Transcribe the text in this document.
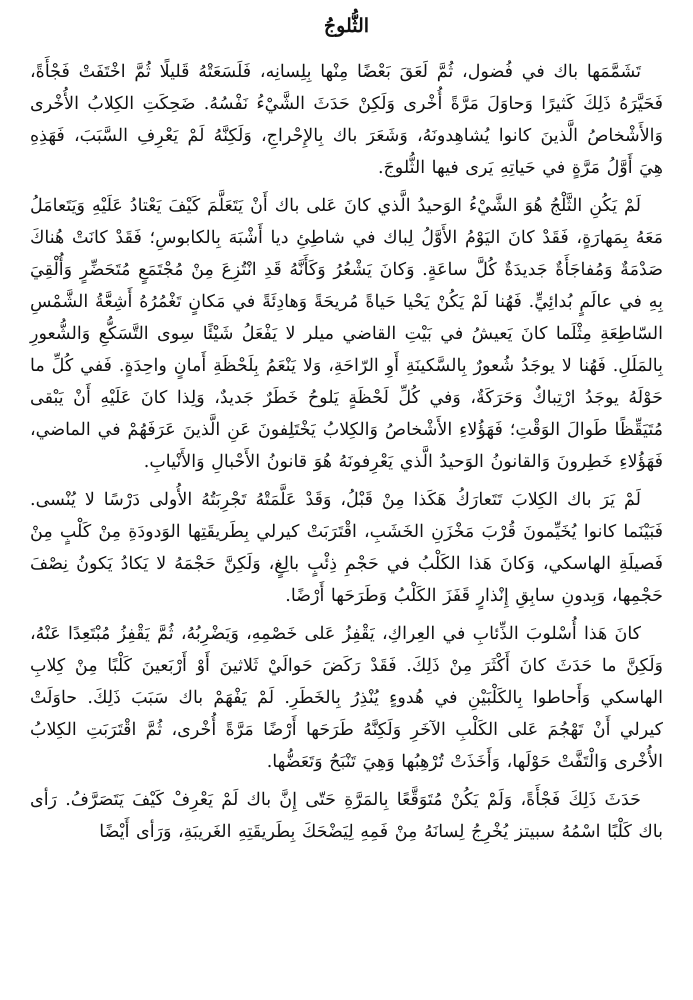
الثُّلوجُ

تَشَمَّمَها باك في فُضول، ثُمَّ لَعَقَ بَعْضًا مِنْها بِلِسانِه، فَلَسَعَتْهُ قَليلًا ثُمَّ اخْتَفَتْ فَجْأَةً، فَحَيَّرَهُ ذَلِكَ كَثيرًا وَحاوَلَ مَرَّةً أُخْرى وَلَكِنْ حَدَثَ الشَّيْءُ نَفْسُهُ. ضَحِكَتِ الكِلابُ الأُخْرى وَالأَشْخاصُ الَّذينَ كانوا يُشاهِدونَهُ، وَشَعَرَ باك بِالإِحْراجِ، وَلَكِنَّهُ لَمْ يَعْرِفِ السَّبَبَ، فَهَذِهِ هِيَ أَوَّلُ مَرَّةٍ في حَياتِهِ يَرى فيها الثُّلوجَ.

لَمْ يَكُنِ الثَّلْجُ هُوَ الشَّيْءُ الوَحيدُ الَّذي كانَ عَلى باك أَنْ يَتَعَلَّمَ كَيْفَ يَعْتادُ عَلَيْهِ وَيَتَعامَلُ مَعَهُ بِمَهارَةٍ، فَقَدْ كانَ اليَوْمُ الأَوَّلُ لِباك في شاطِئِ ديا أَشْبَهَ بِالكابوسِ؛ فَقَدْ كانَتْ هُناكَ صَدْمَةٌ وَمُفاجَأَةٌ جَديدَةٌ كُلَّ ساعَةٍ. وَكانَ يَشْعُرُ وَكَأَنَّهُ قَدِ انْتُزِعَ مِنْ مُجْتَمَعٍ مُتَحَضِّرٍ وَأُلْقِيَ بِهِ في عالَمٍ بُدائِيٍّ. فَهُنا لَمْ يَكُنْ يَحْيا حَياةً مُريحَةً وَهادِئَةً في مَكانٍ تَغْمُرُهُ أَشِعَّةُ الشَّمْسِ السّاطِعَةِ مِثْلَما كانَ يَعيشُ في بَيْتِ القاضي ميلر لا يَفْعَلُ شَيْئًا سِوى التَّسَكُّعِ وَالشُّعورِ بِالمَلَلِ. فَهُنا لا يوجَدُ شُعورٌ بِالسَّكينَةِ أَوِ الرّاحَةِ، وَلا يَنْعَمُ بِلَحْظَةِ أَمانٍ واحِدَةٍ. فَفي كُلِّ ما حَوْلَهُ يوجَدُ ارْتِباكٌ وَحَرَكَةٌ، وَفي كُلِّ لَحْظَةٍ يَلوحُ خَطَرٌ جَديدٌ، وَلِذا كانَ عَلَيْهِ أَنْ يَبْقى مُتَيَقِّظًا طَوالَ الوَقْتِ؛ فَهَؤُلاءِ الأَشْخاصُ وَالكِلابُ يَخْتَلِفونَ عَنِ الَّذينَ عَرَفَهُمْ في الماضي، فَهَؤُلاءِ خَطِرونَ وَالقانونُ الوَحيدُ الَّذي يَعْرِفونَهُ هُوَ قانونُ الأَحْبالِ وَالأَنْيابِ.

لَمْ يَرَ باك الكِلابَ تَتَعارَكُ هَكَذا مِنْ قَبْلُ، وَقَدْ عَلَّمَتْهُ تَجْرِبَتُهُ الأُولى دَرْسًا لا يُنْسى. فَبَيْنَما كانوا يُخَيِّمونَ قُرْبَ مَخْزَنِ الخَشَبِ، اقْتَرَبَتْ كيرلي بِطَريقَتِها الوَدودَةِ مِنْ كَلْبٍ مِنْ فَصيلَةِ الهاسكي، وَكانَ هَذا الكَلْبُ في حَجْمِ ذِئْبٍ بالِغٍ، وَلَكِنَّ حَجْمَهُ لا يَكادُ يَكونُ نِصْفَ حَجْمِها، وَبِدونِ سابِقِ إِنْذارٍ قَفَزَ الكَلْبُ وَطَرَحَها أَرْضًا.

كانَ هَذا أُسْلوبَ الذِّئابِ في العِراكِ، يَقْفِزُ عَلى خَصْمِهِ، وَيَضْرِبُهُ، ثُمَّ يَقْفِزُ مُبْتَعِدًا عَنْهُ، وَلَكِنَّ ما حَدَثَ كانَ أَكْثَرَ مِنْ ذَلِكَ. فَقَدْ رَكَضَ حَوالَيْ ثَلاثينَ أَوْ أَرْبَعينَ كَلْبًا مِنْ كِلابِ الهاسكي وَأَحاطوا بِالكَلْبَيْنِ في هُدوءٍ يُنْذِرُ بِالخَطَرِ. لَمْ يَفْهَمْ باك سَبَبَ ذَلِكَ. حاوَلَتْ كيرلي أَنْ تَهْجُمَ عَلى الكَلْبِ الآخَرِ وَلَكِنَّهُ طَرَحَها أَرْضًا مَرَّةً أُخْرى، ثُمَّ اقْتَرَبَتِ الكِلابُ الأُخْرى وَالْتَفَّتْ حَوْلَها، وَأَخَذَتْ تُرْهِبُها وَهِيَ تَنْبَحُ وَتَعَضُّها.

حَدَثَ ذَلِكَ فَجْأَةً، وَلَمْ يَكُنْ مُتَوَقَّعًا بِالمَرَّةِ حَتّى إِنَّ باك لَمْ يَعْرِفْ كَيْفَ يَتَصَرَّفُ. رَأى باك كَلْبًا اسْمُهُ سبيتز يُخْرِجُ لِسانَهُ مِنْ فَمِهِ لِيَضْحَكَ بِطَريقَتِهِ الغَريبَةِ، وَرَأى أَيْضًا
